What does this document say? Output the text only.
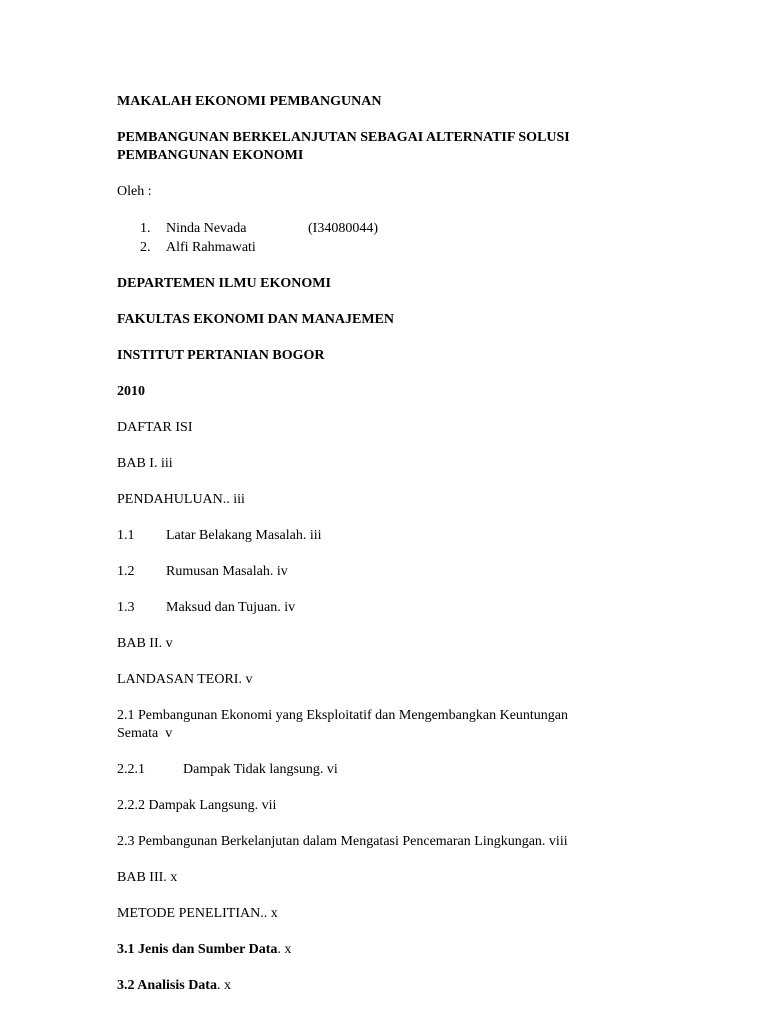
MAKALAH EKONOMI PEMBANGUNAN

PEMBANGUNAN BERKELANJUTAN SEBAGAI ALTERNATIF SOLUSI
PEMBANGUNAN EKONOMI

Oleh :

1.	Ninda Nevada	(I34080044)
2.	Alfi Rahmawati

DEPARTEMEN ILMU EKONOMI

FAKULTAS EKONOMI DAN MANAJEMEN

INSTITUT PERTANIAN BOGOR

2010

DAFTAR ISI

BAB I. iii

PENDAHULUAN.. iii

1.1	Latar Belakang Masalah. iii
1.2	Rumusan Masalah. iv
1.3	Maksud dan Tujuan. iv

BAB II. v

LANDASAN TEORI. v

2.1 Pembangunan Ekonomi yang Eksploitatif dan Mengembangkan Keuntungan
Semata  v

2.2.1	Dampak Tidak langsung. vi

2.2.2 Dampak Langsung. vii

2.3 Pembangunan Berkelanjutan dalam Mengatasi Pencemaran Lingkungan. viii

BAB III. x

METODE PENELITIAN.. x

3.1 Jenis dan Sumber Data. x

3.2 Analisis Data. x
